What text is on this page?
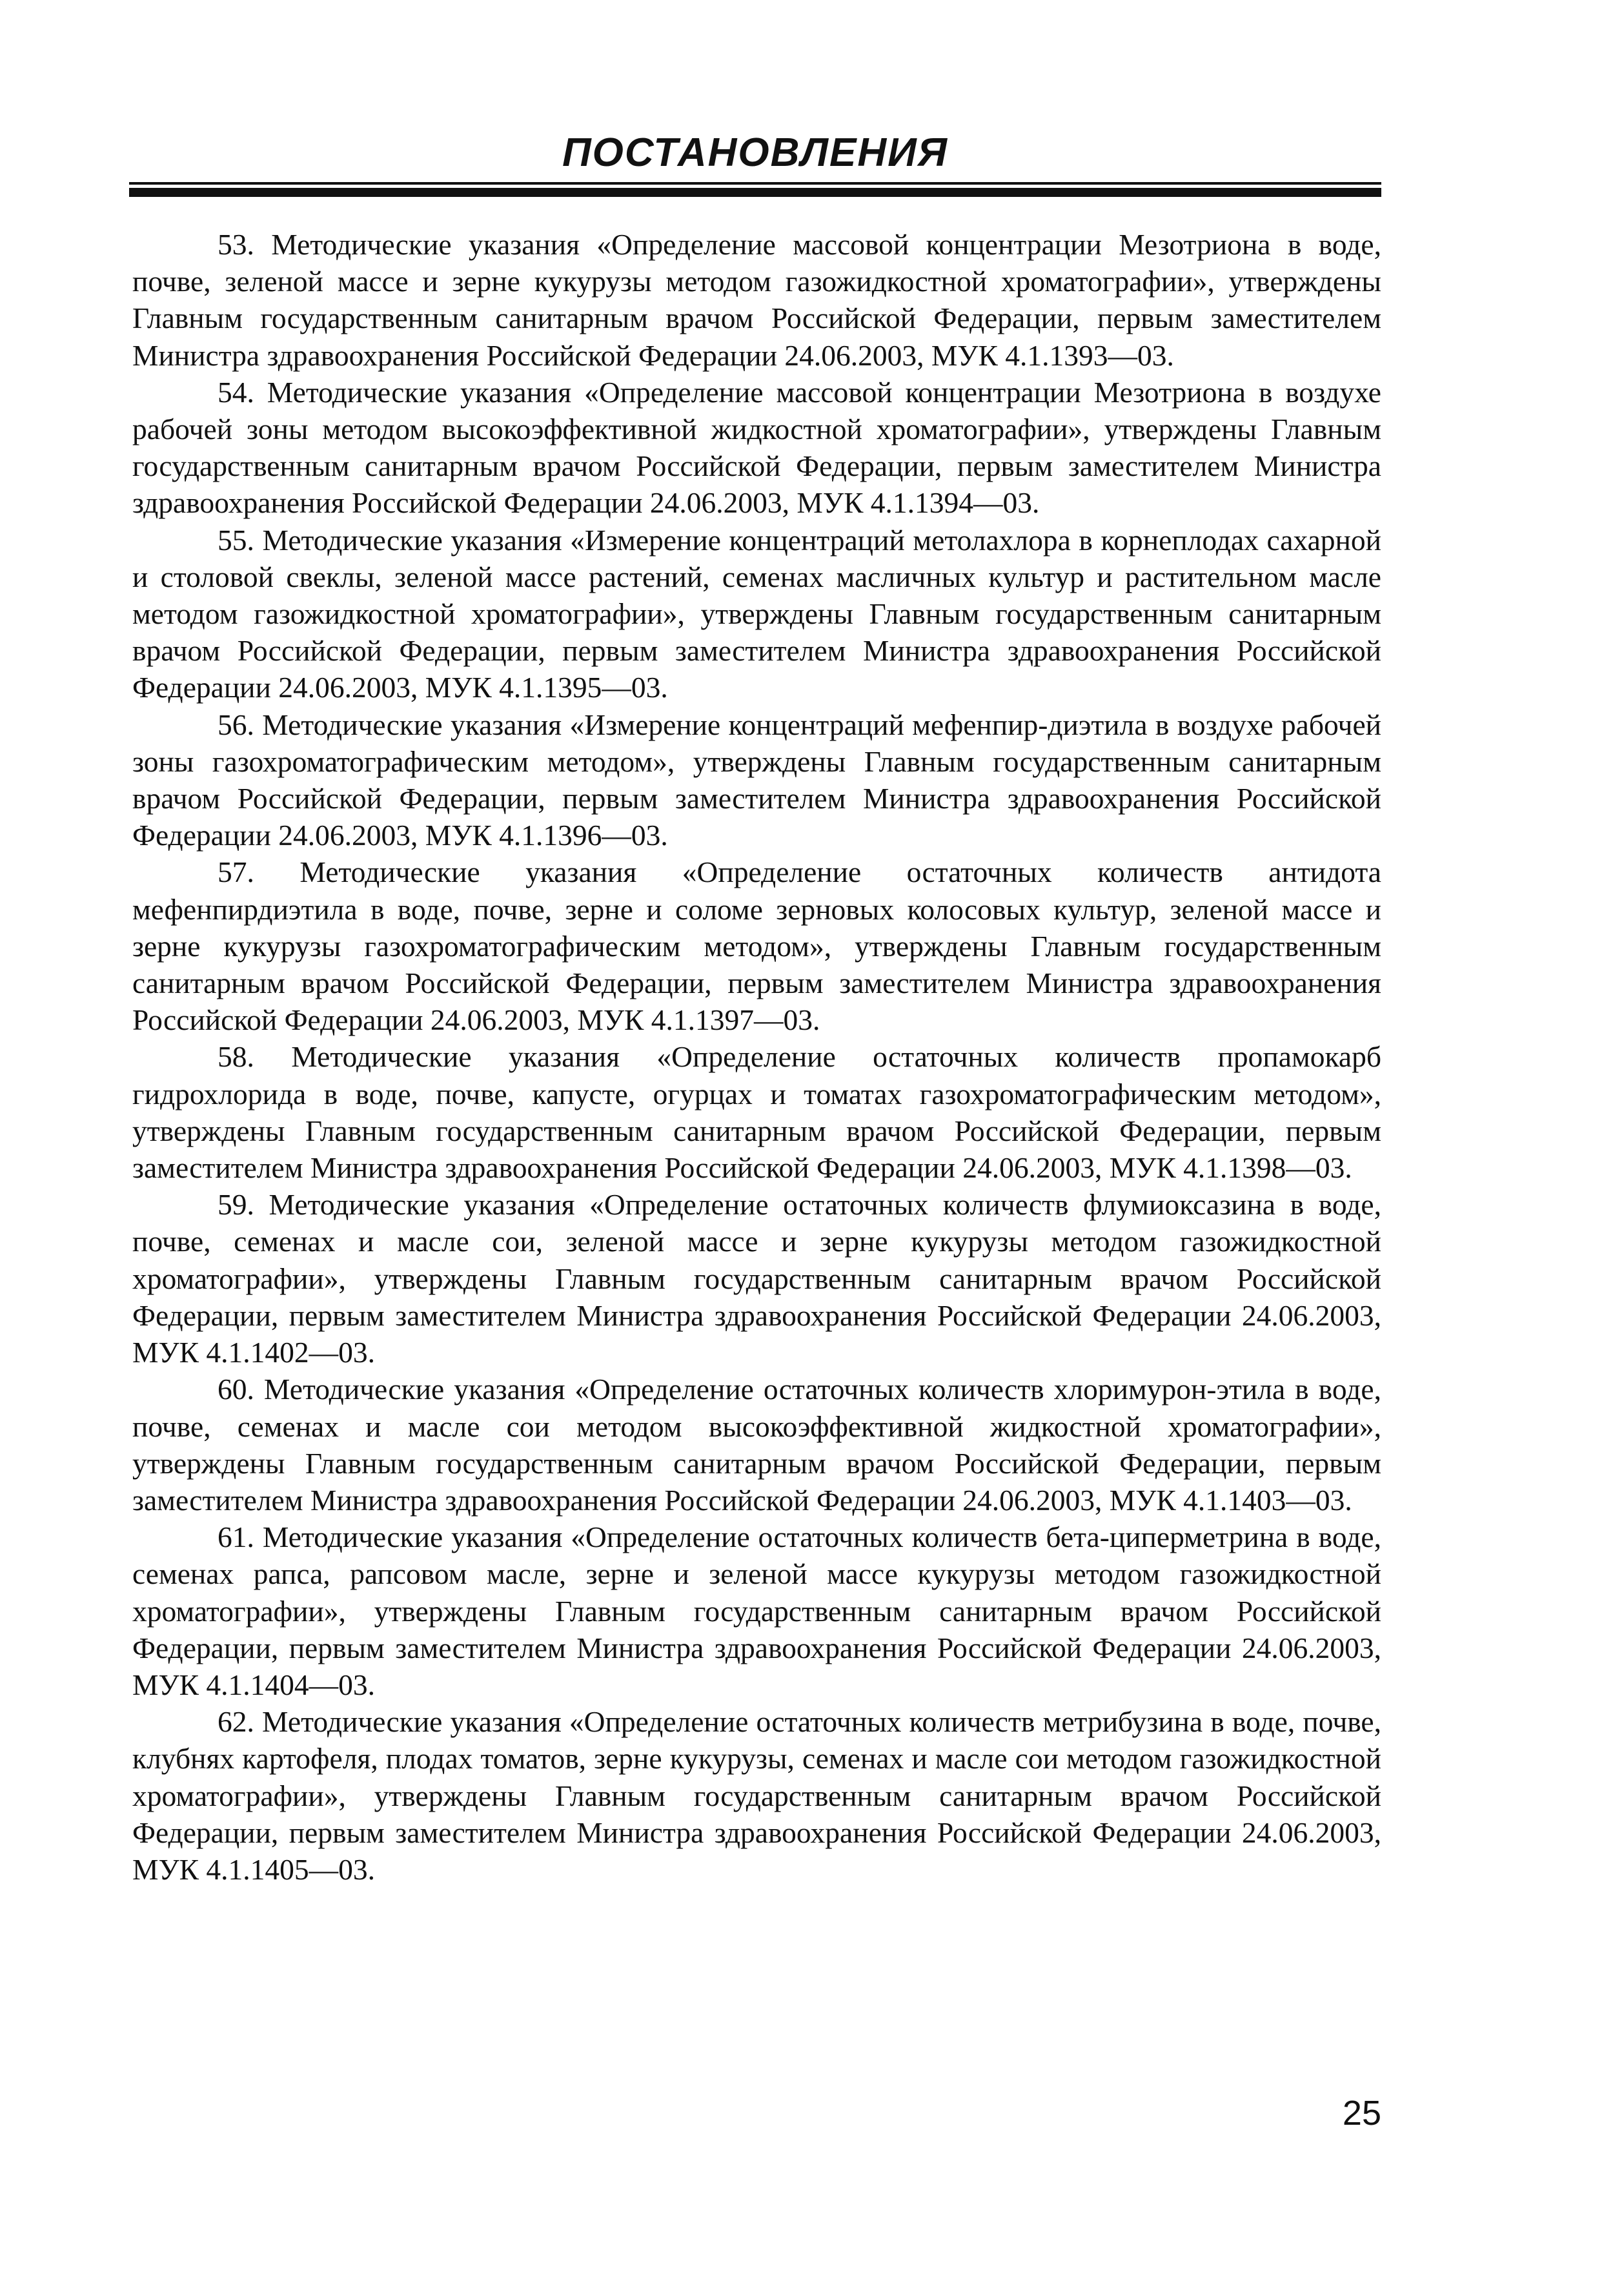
ПОСТАНОВЛЕНИЯ

53. Методические указания «Определение массовой концентрации Мезотриона в воде, почве, зеленой массе и зерне кукурузы методом газожидкостной хроматографии», утверждены Главным государственным санитарным врачом Российской Федерации, первым заместителем Министра здравоохранения Российской Федерации 24.06.2003, МУК 4.1.1393—03.

54. Методические указания «Определение массовой концентрации Мезотриона в воздухе рабочей зоны методом высокоэффективной жидкостной хроматографии», утверждены Главным государственным санитарным врачом Российской Федерации, первым заместителем Министра здравоохранения Российской Федерации 24.06.2003, МУК 4.1.1394—03.

55. Методические указания «Измерение концентраций метолахлора в корнеплодах сахарной и столовой свеклы, зеленой массе растений, семенах масличных культур и растительном масле методом газожидкостной хроматографии», утверждены Главным государственным санитарным врачом Российской Федерации, первым заместителем Министра здравоохранения Российской Федерации 24.06.2003, МУК 4.1.1395—03.

56. Методические указания «Измерение концентраций мефенпир-диэтила в воздухе рабочей зоны газохроматографическим методом», утверждены Главным государственным санитарным врачом Российской Федерации, первым заместителем Министра здравоохранения Российской Федерации 24.06.2003, МУК 4.1.1396—03.

57. Методические указания «Определение остаточных количеств антидота мефенпирдиэтила в воде, почве, зерне и соломе зерновых колосовых культур, зеленой массе и зерне кукурузы газохроматографическим методом», утверждены Главным государственным санитарным врачом Российской Федерации, первым заместителем Министра здравоохранения Российской Федерации 24.06.2003, МУК 4.1.1397—03.

58. Методические указания «Определение остаточных количеств пропамокарб гидрохлорида в воде, почве, капусте, огурцах и томатах газохроматографическим методом», утверждены Главным государственным санитарным врачом Российской Федерации, первым заместителем Министра здравоохранения Российской Федерации 24.06.2003, МУК 4.1.1398—03.

59. Методические указания «Определение остаточных количеств флумиоксазина в воде, почве, семенах и масле сои, зеленой массе и зерне кукурузы методом газожидкостной хроматографии», утверждены Главным государственным санитарным врачом Российской Федерации, первым заместителем Министра здравоохранения Российской Федерации 24.06.2003, МУК 4.1.1402—03.

60. Методические указания «Определение остаточных количеств хлоримурон-этила в воде, почве, семенах и масле сои методом высокоэффективной жидкостной хроматографии», утверждены Главным государственным санитарным врачом Российской Федерации, первым заместителем Министра здравоохранения Российской Федерации 24.06.2003, МУК 4.1.1403—03.

61. Методические указания «Определение остаточных количеств бета-циперметрина в воде, семенах рапса, рапсовом масле, зерне и зеленой массе кукурузы методом газожидкостной хроматографии», утверждены Главным государственным санитарным врачом Российской Федерации, первым заместителем Министра здравоохранения Российской Федерации 24.06.2003, МУК 4.1.1404—03.

62. Методические указания «Определение остаточных количеств метрибузина в воде, почве, клубнях картофеля, плодах томатов, зерне кукурузы, семенах и масле сои методом газожидкостной хроматографии», утверждены Главным государственным санитарным врачом Российской Федерации, первым заместителем Министра здравоохранения Российской Федерации 24.06.2003, МУК 4.1.1405—03.

25
